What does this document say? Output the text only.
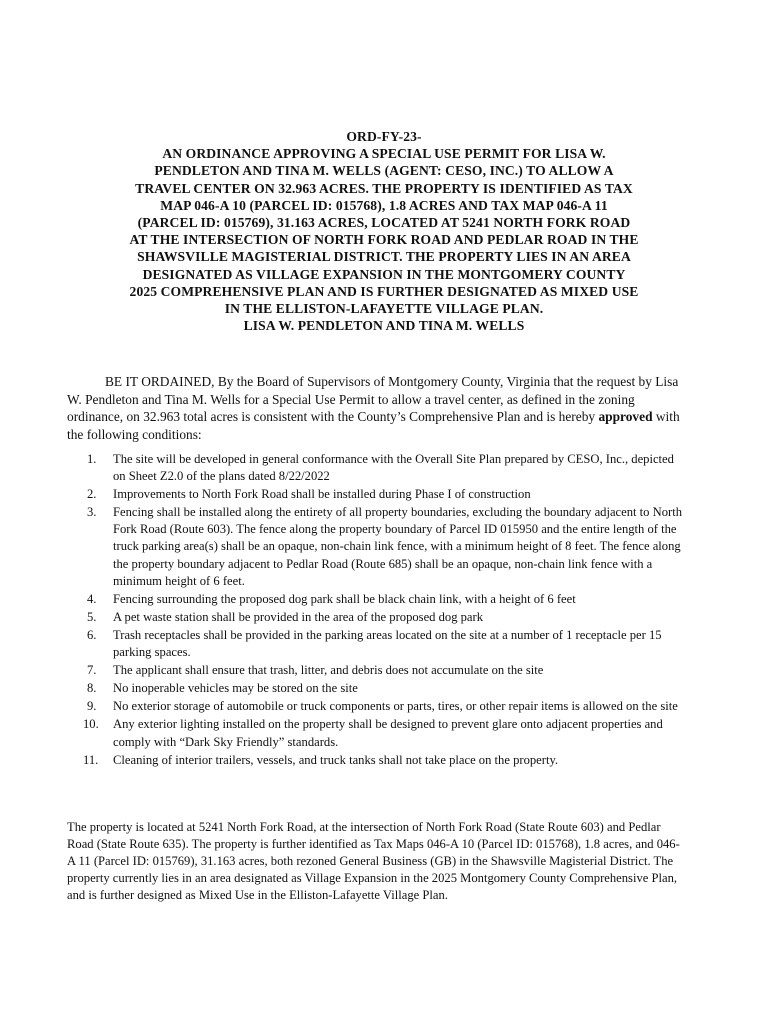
ORD-FY-23-
AN ORDINANCE APPROVING A SPECIAL USE PERMIT FOR LISA W.
PENDLETON AND TINA M. WELLS (AGENT: CESO, INC.) TO ALLOW A
TRAVEL CENTER ON 32.963 ACRES. THE PROPERTY IS IDENTIFIED AS TAX
MAP 046-A 10 (PARCEL ID: 015768), 1.8 ACRES AND TAX MAP 046-A 11
(PARCEL ID: 015769), 31.163 ACRES, LOCATED AT 5241 NORTH FORK ROAD
AT THE INTERSECTION OF NORTH FORK ROAD AND PEDLAR ROAD IN THE
SHAWSVILLE MAGISTERIAL DISTRICT. THE PROPERTY LIES IN AN AREA
DESIGNATED AS VILLAGE EXPANSION IN THE MONTGOMERY COUNTY
2025 COMPREHENSIVE PLAN AND IS FURTHER DESIGNATED AS MIXED USE
IN THE ELLISTON-LAFAYETTE VILLAGE PLAN.
LISA W. PENDLETON AND TINA M. WELLS

BE IT ORDAINED, By the Board of Supervisors of Montgomery County, Virginia that the request by Lisa W. Pendleton and Tina M. Wells for a Special Use Permit to allow a travel center, as defined in the zoning ordinance, on 32.963 total acres is consistent with the County’s Comprehensive Plan and is hereby approved with the following conditions:

1.	The site will be developed in general conformance with the Overall Site Plan prepared by CESO, Inc., depicted on Sheet Z2.0 of the plans dated 8/22/2022
2.	Improvements to North Fork Road shall be installed during Phase I of construction
3.	Fencing shall be installed along the entirety of all property boundaries, excluding the boundary adjacent to North Fork Road (Route 603). The fence along the property boundary of Parcel ID 015950 and the entire length of the truck parking area(s) shall be an opaque, non-chain link fence, with a minimum height of 8 feet. The fence along the property boundary adjacent to Pedlar Road (Route 685) shall be an opaque, non-chain link fence with a minimum height of 6 feet.
4.	Fencing surrounding the proposed dog park shall be black chain link, with a height of 6 feet
5.	A pet waste station shall be provided in the area of the proposed dog park
6.	Trash receptacles shall be provided in the parking areas located on the site at a number of 1 receptacle per 15 parking spaces.
7.	The applicant shall ensure that trash, litter, and debris does not accumulate on the site
8.	No inoperable vehicles may be stored on the site
9.	No exterior storage of automobile or truck components or parts, tires, or other repair items is allowed on the site
10.	Any exterior lighting installed on the property shall be designed to prevent glare onto adjacent properties and comply with “Dark Sky Friendly” standards.
11.	Cleaning of interior trailers, vessels, and truck tanks shall not take place on the property.

The property is located at 5241 North Fork Road, at the intersection of North Fork Road (State Route 603) and Pedlar Road (State Route 635). The property is further identified as Tax Maps 046-A 10 (Parcel ID: 015768), 1.8 acres, and 046-A 11 (Parcel ID: 015769), 31.163 acres, both rezoned General Business (GB) in the Shawsville Magisterial District. The property currently lies in an area designated as Village Expansion in the 2025 Montgomery County Comprehensive Plan, and is further designed as Mixed Use in the Elliston-Lafayette Village Plan.
